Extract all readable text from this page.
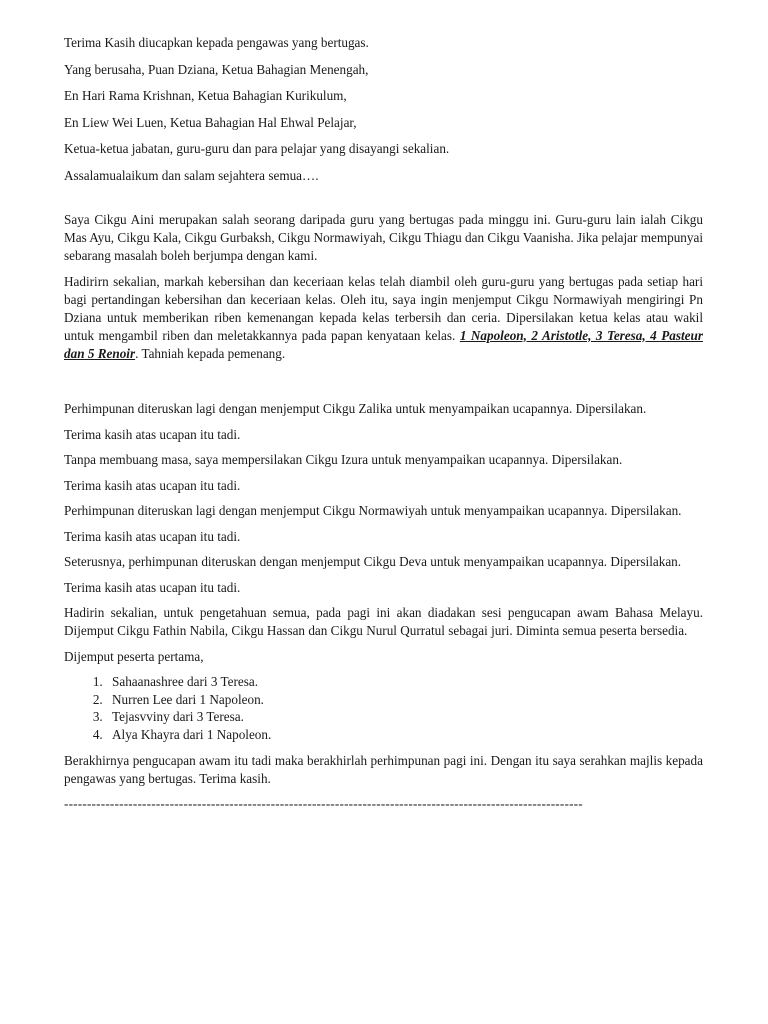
Terima Kasih diucapkan kepada pengawas yang bertugas.

Yang berusaha, Puan Dziana, Ketua Bahagian Menengah,

En Hari Rama Krishnan, Ketua Bahagian Kurikulum,

En Liew Wei Luen, Ketua Bahagian Hal Ehwal Pelajar,

Ketua-ketua jabatan, guru-guru dan para pelajar yang disayangi sekalian.

Assalamualaikum dan salam sejahtera semua….

Saya Cikgu Aini merupakan salah seorang daripada guru yang bertugas pada minggu ini. Guru-guru lain ialah Cikgu Mas Ayu, Cikgu Kala, Cikgu Gurbaksh, Cikgu Normawiyah, Cikgu Thiagu dan Cikgu Vaanisha. Jika pelajar mempunyai sebarang masalah boleh berjumpa dengan kami.

Hadirirn sekalian, markah kebersihan dan keceriaan kelas telah diambil oleh guru-guru yang bertugas pada setiap hari bagi pertandingan kebersihan dan keceriaan kelas. Oleh itu, saya ingin menjemput Cikgu Normawiyah mengiringi Pn Dziana untuk memberikan riben kemenangan kepada kelas terbersih dan ceria. Dipersilakan ketua kelas atau wakil untuk mengambil riben dan meletakkannya pada papan kenyataan kelas. 1 Napoleon, 2 Aristotle, 3 Teresa, 4 Pasteur dan 5 Renoir. Tahniah kepada pemenang.

Perhimpunan diteruskan lagi dengan menjemput Cikgu Zalika untuk menyampaikan ucapannya. Dipersilakan.

Terima kasih atas ucapan itu tadi.

Tanpa membuang masa, saya mempersilakan Cikgu Izura untuk menyampaikan ucapannya. Dipersilakan.

Terima kasih atas ucapan itu tadi.

Perhimpunan diteruskan lagi dengan menjemput Cikgu Normawiyah untuk menyampaikan ucapannya. Dipersilakan.

Terima kasih atas ucapan itu tadi.

Seterusnya, perhimpunan diteruskan dengan menjemput Cikgu Deva untuk menyampaikan ucapannya. Dipersilakan.

Terima kasih atas ucapan itu tadi.

Hadirin sekalian, untuk pengetahuan semua, pada pagi ini akan diadakan sesi pengucapan awam Bahasa Melayu. Dijemput Cikgu Fathin Nabila, Cikgu Hassan dan Cikgu Nurul Qurratul sebagai juri. Diminta semua peserta bersedia.

Dijemput peserta pertama,

1. Sahaanashree dari 3 Teresa.
2. Nurren Lee dari 1 Napoleon.
3. Tejasvviny dari 3 Teresa.
4. Alya Khayra dari 1 Napoleon.

Berakhirnya pengucapan awam itu tadi maka berakhirlah perhimpunan pagi ini. Dengan itu saya serahkan majlis kepada pengawas yang bertugas. Terima kasih.

-----------------------------------------------------------------------------------------------------------------
